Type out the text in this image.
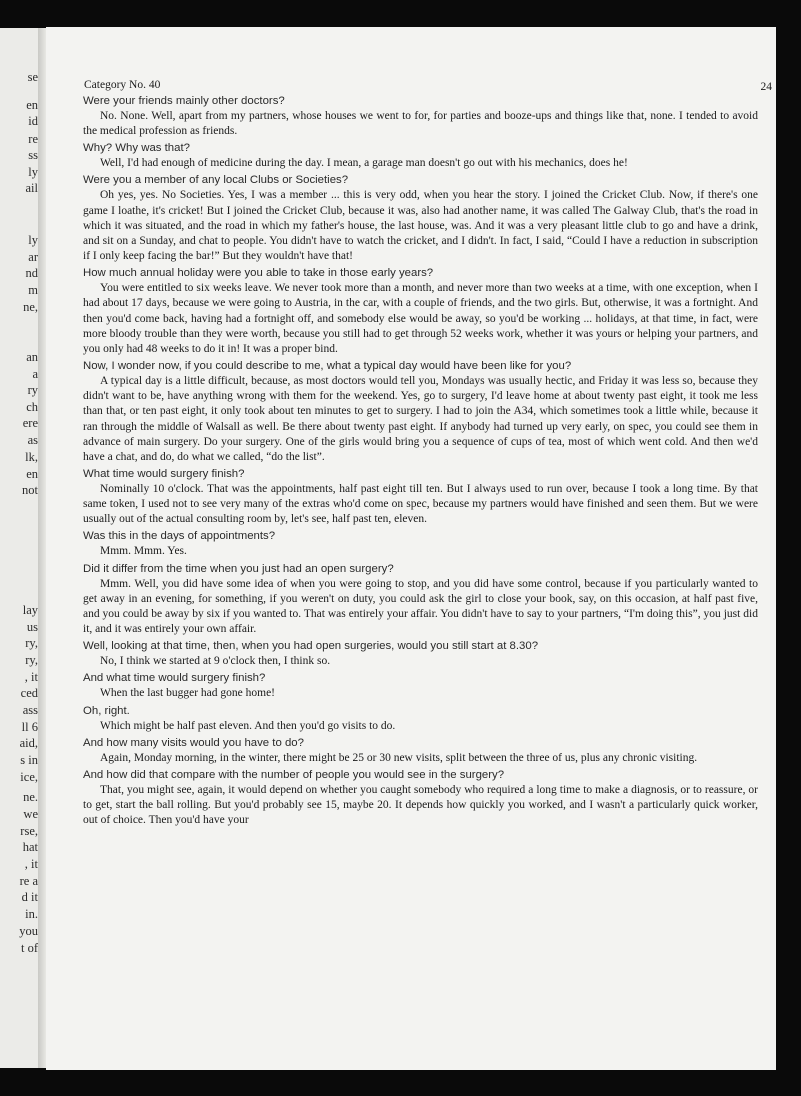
se
en
id
re
ss
ly
ail
ly
ar
nd
m
ne,
an
a
ry
ch
ere
as
lk,
en
not
lay
us
ry,
ry,
, it
ced
ass
ll 6
aid,
s in
ice,
ne.
we
rse,
hat
, it
re a
d it
in.
you
t of
Category No. 40	24

Were your friends mainly other doctors?

No. None. Well, apart from my partners, whose houses we went to for, for parties and booze-ups and things like that, none. I tended to avoid the medical profession as friends.

Why? Why was that?

Well, I'd had enough of medicine during the day. I mean, a garage man doesn't go out with his mechanics, does he!

Were you a member of any local Clubs or Societies?

Oh yes, yes. No Societies. Yes, I was a member ... this is very odd, when you hear the story. I joined the Cricket Club. Now, if there's one game I loathe, it's cricket! But I joined the Cricket Club, because it was, also had another name, it was called The Galway Club, that's the road in which it was situated, and the road in which my father's house, the last house, was. And it was a very pleasant little club to go and have a drink, and sit on a Sunday, and chat to people. You didn't have to watch the cricket, and I didn't. In fact, I said, “Could I have a reduction in subscription if I only keep facing the bar!” But they wouldn't have that!

How much annual holiday were you able to take in those early years?

You were entitled to six weeks leave. We never took more than a month, and never more than two weeks at a time, with one exception, when I had about 17 days, because we were going to Austria, in the car, with a couple of friends, and the two girls. But, otherwise, it was a fortnight. And then you'd come back, having had a fortnight off, and somebody else would be away, so you'd be working ... holidays, at that time, in fact, were more bloody trouble than they were worth, because you still had to get through 52 weeks work, whether it was yours or helping your partners, and you only had 48 weeks to do it in! It was a proper bind.

Now, I wonder now, if you could describe to me, what a typical day would have been like for you?

A typical day is a little difficult, because, as most doctors would tell you, Mondays was usually hectic, and Friday it was less so, because they didn't want to be, have anything wrong with them for the weekend. Yes, go to surgery, I'd leave home at about twenty past eight, it took me less than that, or ten past eight, it only took about ten minutes to get to surgery. I had to join the A34, which sometimes took a little while, because it ran through the middle of Walsall as well. Be there about twenty past eight. If anybody had turned up very early, on spec, you could see them in advance of main surgery. Do your surgery. One of the girls would bring you a sequence of cups of tea, most of which went cold. And then we'd have a chat, and do, do what we called, “do the list”.

What time would surgery finish?

Nominally 10 o'clock. That was the appointments, half past eight till ten. But I always used to run over, because I took a long time. By that same token, I used not to see very many of the extras who'd come on spec, because my partners would have finished and seen them. But we were usually out of the actual consulting room by, let's see, half past ten, eleven.

Was this in the days of appointments?

Mmm. Mmm. Yes.

Did it differ from the time when you just had an open surgery?

Mmm. Well, you did have some idea of when you were going to stop, and you did have some control, because if you particularly wanted to get away in an evening, for something, if you weren't on duty, you could ask the girl to close your book, say, on this occasion, at half past five, and you could be away by six if you wanted to. That was entirely your affair. You didn't have to say to your partners, “I'm doing this”, you just did it, and it was entirely your own affair.

Well, looking at that time, then, when you had open surgeries, would you still start at 8.30?

No, I think we started at 9 o'clock then, I think so.

And what time would surgery finish?

When the last bugger had gone home!

Oh, right.

Which might be half past eleven. And then you'd go visits to do.

And how many visits would you have to do?

Again, Monday morning, in the winter, there might be 25 or 30 new visits, split between the three of us, plus any chronic visiting.

And how did that compare with the number of people you would see in the surgery?

That, you might see, again, it would depend on whether you caught somebody who required a long time to make a diagnosis, or to reassure, or to get, start the ball rolling. But you'd probably see 15, maybe 20. It depends how quickly you worked, and I wasn't a particularly quick worker, out of choice. Then you'd have your
